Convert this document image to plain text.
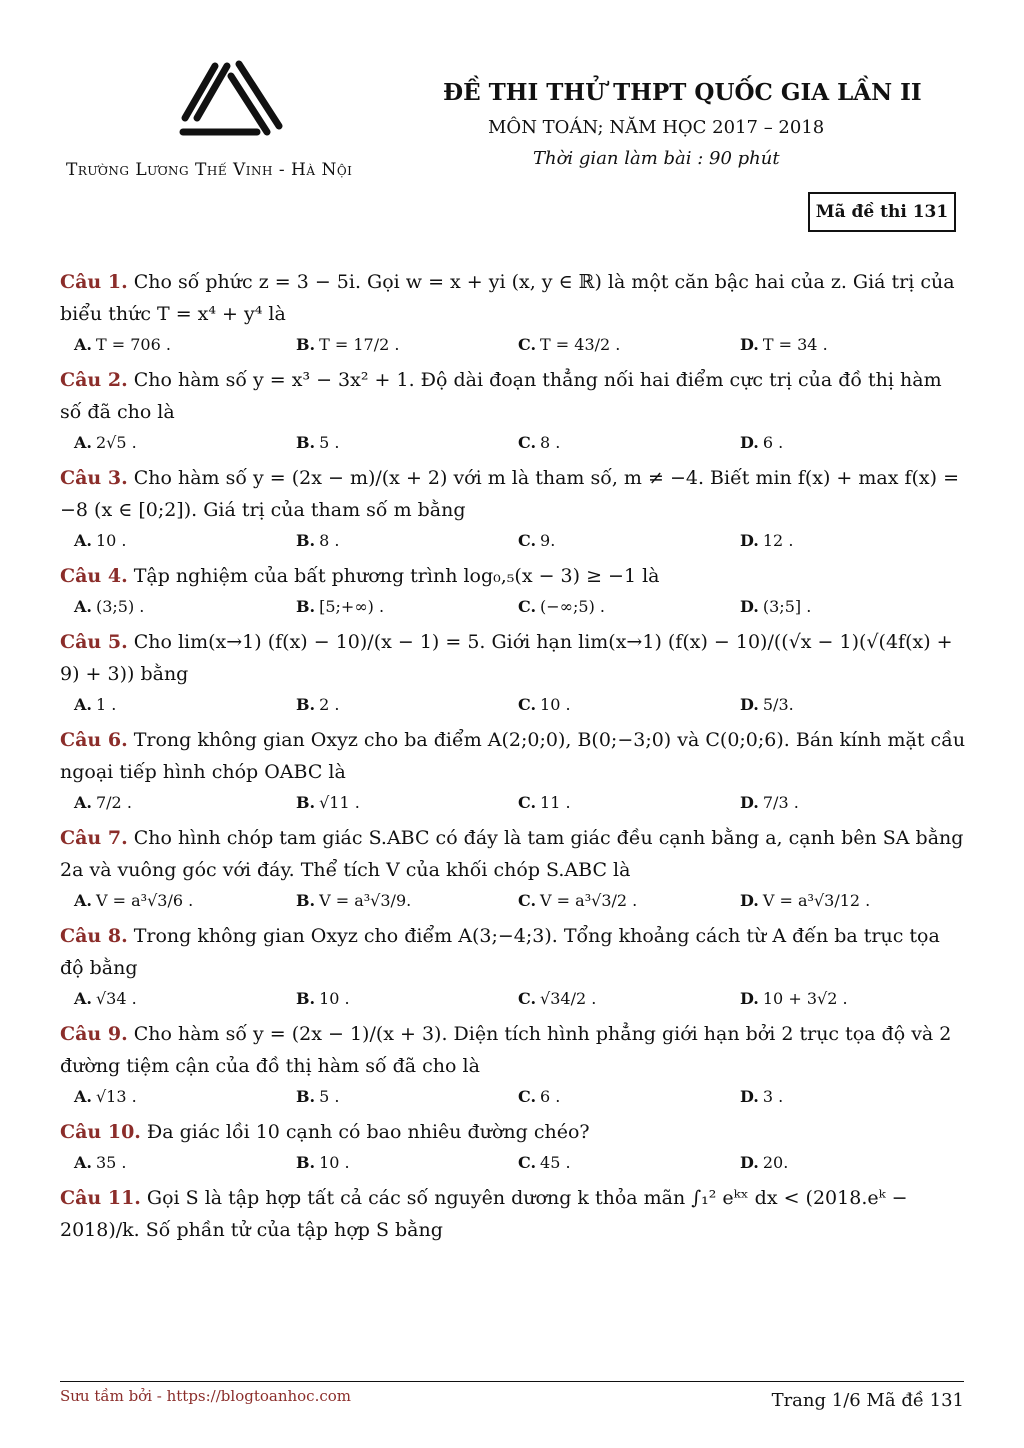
Trường Lương Thế Vinh - Hà Nội
ĐỀ THI THỬ THPT QUỐC GIA LẦN II
MÔN TOÁN; NĂM HỌC 2017 – 2018
Thời gian làm bài : 90 phút
Mã đề thi 131
Câu 1. Cho số phức z = 3 − 5i. Gọi w = x + yi (x, y ∈ ℝ) là một căn bậc hai của z. Giá trị của biểu thức T = x⁴ + y⁴ là
A. T = 706 .	B. T = 17/2 .	C. T = 43/2 .	D. T = 34 .
Câu 2. Cho hàm số y = x³ − 3x² + 1. Độ dài đoạn thẳng nối hai điểm cực trị của đồ thị hàm số đã cho là
A. 2√5 .	B. 5 .	C. 8 .	D. 6 .
Câu 3. Cho hàm số y = (2x − m)/(x + 2) với m là tham số, m ≠ −4. Biết min f(x) + max f(x) = −8 (x ∈ [0;2]). Giá trị của tham số m bằng
A. 10 .	B. 8 .	C. 9.	D. 12 .
Câu 4. Tập nghiệm của bất phương trình log₀,₅(x − 3) ≥ −1 là
A. (3;5) .	B. [5;+∞) .	C. (−∞;5) .	D. (3;5] .
Câu 5. Cho lim(x→1) (f(x) − 10)/(x − 1) = 5. Giới hạn lim(x→1) (f(x) − 10)/((√x − 1)(√(4f(x) + 9) + 3)) bằng
A. 1 .	B. 2 .	C. 10 .	D. 5/3.
Câu 6. Trong không gian Oxyz cho ba điểm A(2;0;0), B(0;−3;0) và C(0;0;6). Bán kính mặt cầu ngoại tiếp hình chóp OABC là
A. 7/2 .	B. √11 .	C. 11 .	D. 7/3 .
Câu 7. Cho hình chóp tam giác S.ABC có đáy là tam giác đều cạnh bằng a, cạnh bên SA bằng 2a và vuông góc với đáy. Thể tích V của khối chóp S.ABC là
A. V = a³√3/6 .	B. V = a³√3/9.	C. V = a³√3/2 .	D. V = a³√3/12 .
Câu 8. Trong không gian Oxyz cho điểm A(3;−4;3). Tổng khoảng cách từ A đến ba trục tọa độ bằng
A. √34 .	B. 10 .	C. √34/2 .	D. 10 + 3√2 .
Câu 9. Cho hàm số y = (2x − 1)/(x + 3). Diện tích hình phẳng giới hạn bởi 2 trục tọa độ và 2 đường tiệm cận của đồ thị hàm số đã cho là
A. √13 .	B. 5 .	C. 6 .	D. 3 .
Câu 10. Đa giác lồi 10 cạnh có bao nhiêu đường chéo?
A. 35 .	B. 10 .	C. 45 .	D. 20.
Câu 11. Gọi S là tập hợp tất cả các số nguyên dương k thỏa mãn ∫₁² eᵏˣ dx < (2018.eᵏ − 2018)/k. Số phần tử của tập hợp S bằng
Sưu tầm bởi - https://blogtoanhoc.com	Trang 1/6 Mã đề 131
